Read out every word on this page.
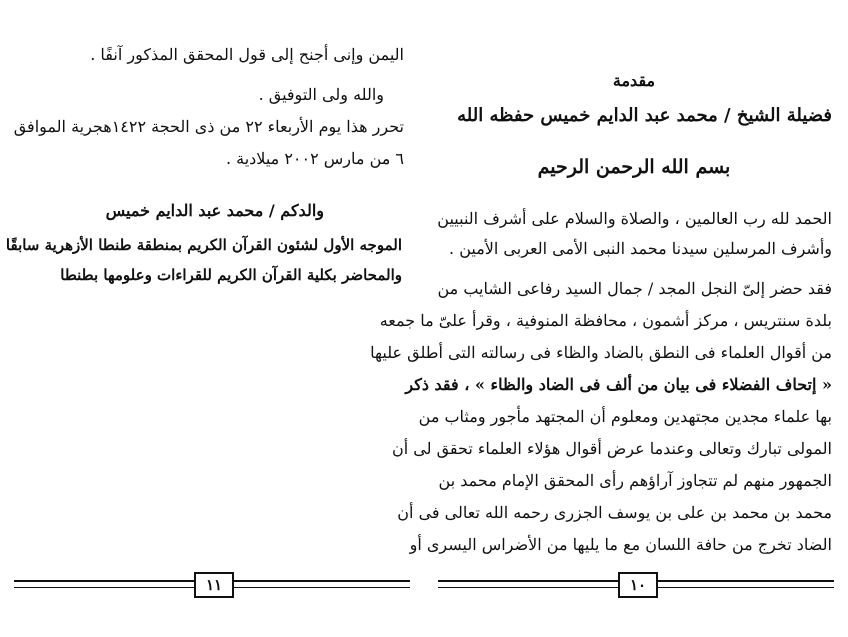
اليمن وإنى أجنح إلى قول المحقق المذكور آنفًا .
والله ولى التوفيق .
تحرر هذا يوم الأربعاء ٢٢ من ذى الحجة ١٤٢٢هجرية الموافق
٦ من مارس ٢٠٠٢ ميلادية .
والدكم / محمد عبد الدايم خميس
الموجه الأول لشئون القرآن الكريم بمنطقة طنطا الأزهرية سابقًا
والمحاضر بكلية القرآن الكريم للقراءات وعلومها بطنطا
١١
مقدمة
فضيلة الشيخ / محمد عبد الدايم خميس حفظه الله
بسم الله الرحمن الرحيم
الحمد لله رب العالمين ، والصلاة والسلام على أشرف النبيين
وأشرف المرسلين سيدنا محمد النبى الأمى العربى الأمين .
فقد حضر إلىّ النجل المجد / جمال السيد رفاعى الشايب من
بلدة سنتريس ، مركز أشمون ، محافظة المنوفية ، وقرأ علىّ ما جمعه
من أقوال العلماء فى النطق بالضاد والظاء فى رسالته التى أطلق عليها
« إتحاف الفضلاء فى بيان من ألف فى الضاد والظاء » ، فقد ذكر
بها علماء مجدين مجتهدين ومعلوم أن المجتهد مأجور ومثاب من
المولى تبارك وتعالى وعندما عرض أقوال هؤلاء العلماء تحقق لى أن
الجمهور منهم لم تتجاوز آراؤهم رأى المحقق الإمام محمد بن
محمد بن محمد بن على بن يوسف الجزرى رحمه الله تعالى فى أن
الضاد تخرج من حافة اللسان مع ما يليها من الأضراس اليسرى أو
١٠
